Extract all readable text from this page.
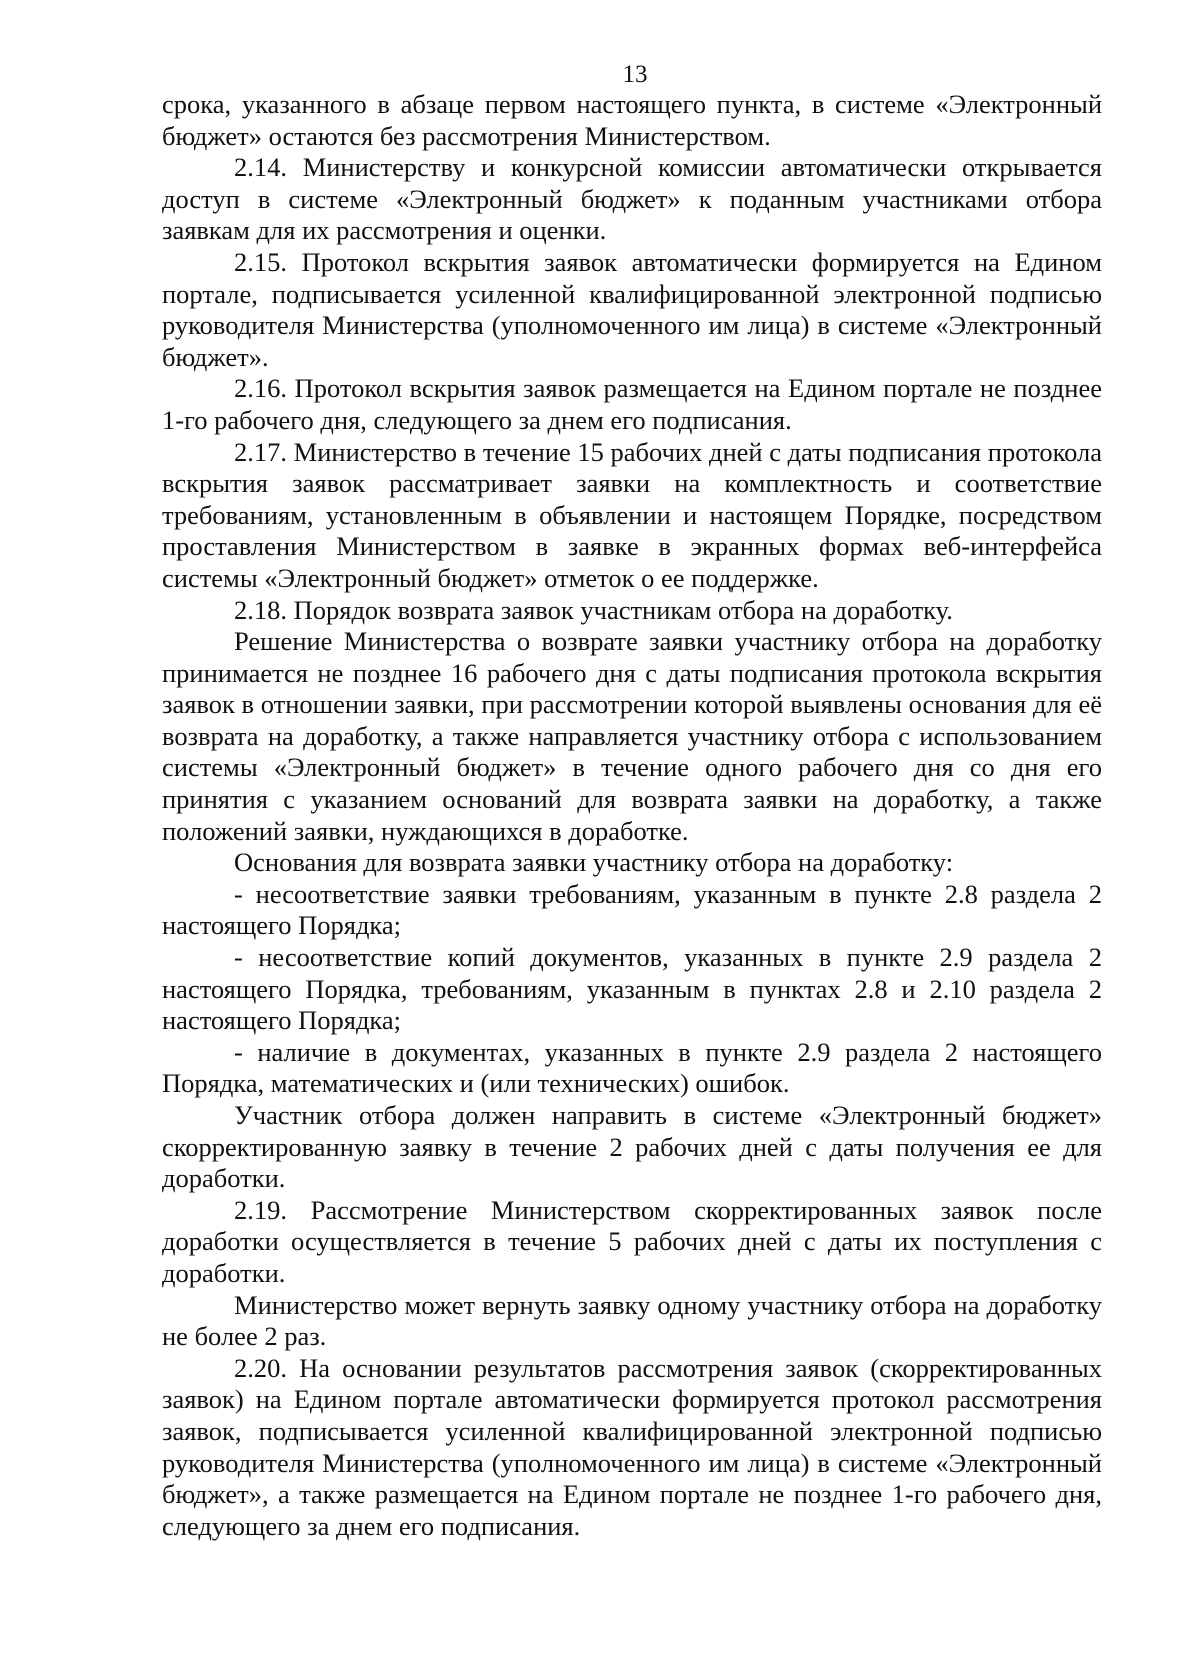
13

срока, указанного в абзаце первом настоящего пункта, в системе «Электронный бюджет» остаются без рассмотрения Министерством.

2.14. Министерству и конкурсной комиссии автоматически открывается доступ в системе «Электронный бюджет» к поданным участниками отбора заявкам для их рассмотрения и оценки.

2.15. Протокол вскрытия заявок автоматически формируется на Едином портале, подписывается усиленной квалифицированной электронной подписью руководителя Министерства (уполномоченного им лица) в системе «Электронный бюджет».

2.16. Протокол вскрытия заявок размещается на Едином портале не позднее 1-го рабочего дня, следующего за днем его подписания.

2.17. Министерство в течение 15 рабочих дней с даты подписания протокола вскрытия заявок рассматривает заявки на комплектность и соответствие требованиям, установленным в объявлении и настоящем Порядке, посредством проставления Министерством в заявке в экранных формах веб-интерфейса системы «Электронный бюджет» отметок о ее поддержке.

2.18. Порядок возврата заявок участникам отбора на доработку.

Решение Министерства о возврате заявки участнику отбора на доработку принимается не позднее 16 рабочего дня с даты подписания протокола вскрытия заявок в отношении заявки, при рассмотрении которой выявлены основания для её возврата на доработку, а также направляется участнику отбора с использованием системы «Электронный бюджет» в течение одного рабочего дня со дня его принятия с указанием оснований для возврата заявки на доработку, а также положений заявки, нуждающихся в доработке.

Основания для возврата заявки участнику отбора на доработку:

- несоответствие заявки требованиям, указанным в пункте 2.8 раздела 2 настоящего Порядка;

- несоответствие копий документов, указанных в пункте 2.9 раздела 2 настоящего Порядка, требованиям, указанным в пунктах 2.8 и 2.10 раздела 2 настоящего Порядка;

- наличие в документах, указанных в пункте 2.9 раздела 2 настоящего Порядка, математических и (или технических) ошибок.

Участник отбора должен направить в системе «Электронный бюджет» скорректированную заявку в течение 2 рабочих дней с даты получения ее для доработки.

2.19. Рассмотрение Министерством скорректированных заявок после доработки осуществляется в течение 5 рабочих дней с даты их поступления с доработки.

Министерство может вернуть заявку одному участнику отбора на доработку не более 2 раз.

2.20. На основании результатов рассмотрения заявок (скорректированных заявок) на Едином портале автоматически формируется протокол рассмотрения заявок, подписывается усиленной квалифицированной электронной подписью руководителя Министерства (уполномоченного им лица) в системе «Электронный бюджет», а также размещается на Едином портале не позднее 1-го рабочего дня, следующего за днем его подписания.
